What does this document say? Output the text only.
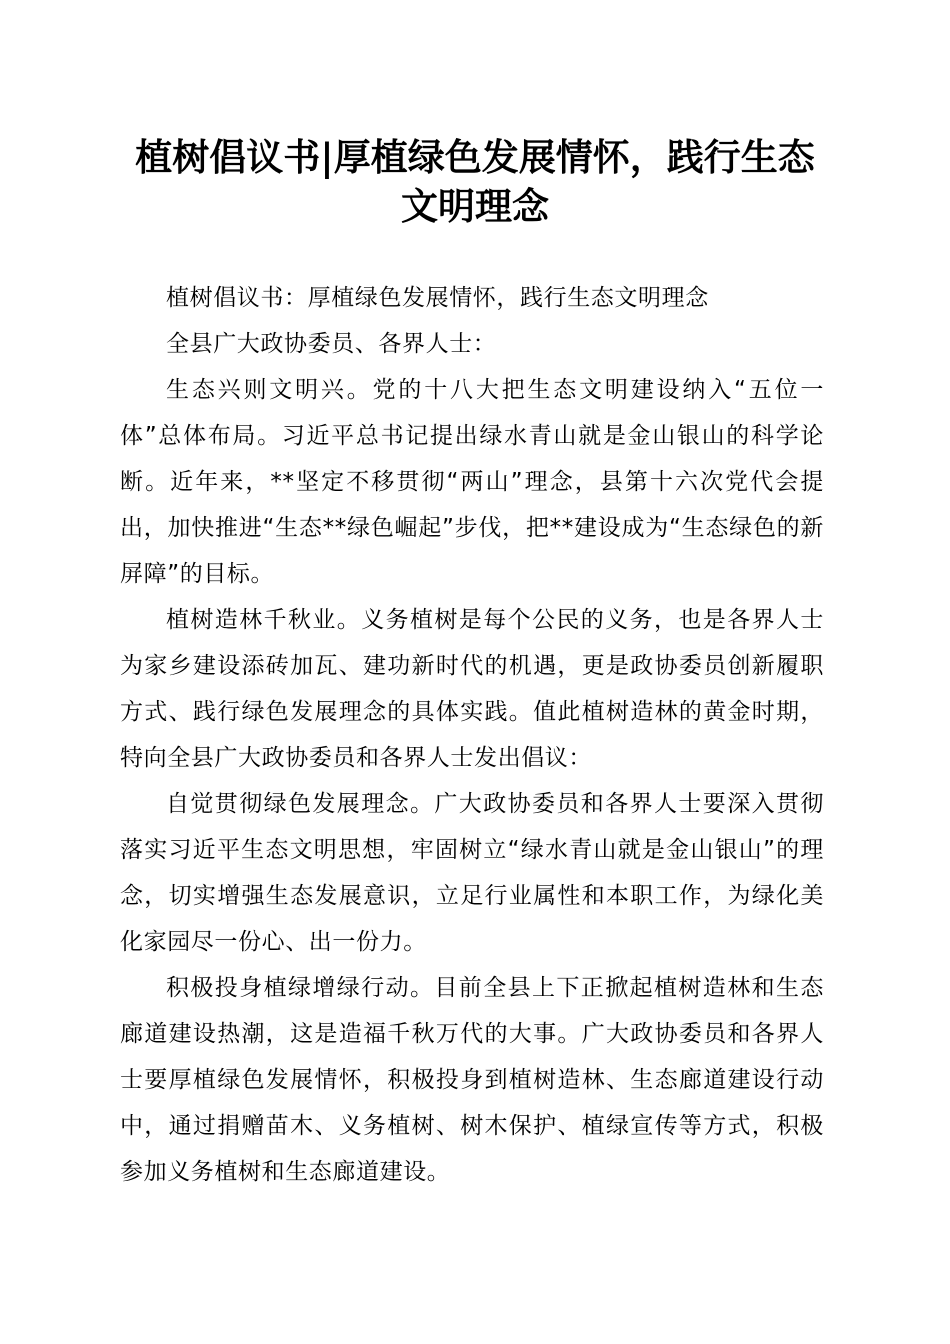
植树倡议书|厚植绿色发展情怀，践行生态文明理念

植树倡议书：厚植绿色发展情怀，践行生态文明理念

全县广大政协委员、各界人士：

生态兴则文明兴。党的十八大把生态文明建设纳入“五位一体”总体布局。习近平总书记提出绿水青山就是金山银山的科学论断。近年来，**坚定不移贯彻“两山”理念，县第十六次党代会提出，加快推进“生态**绿色崛起”步伐，把**建设成为“生态绿色的新屏障”的目标。

植树造林千秋业。义务植树是每个公民的义务，也是各界人士为家乡建设添砖加瓦、建功新时代的机遇，更是政协委员创新履职方式、践行绿色发展理念的具体实践。值此植树造林的黄金时期，特向全县广大政协委员和各界人士发出倡议：

自觉贯彻绿色发展理念。广大政协委员和各界人士要深入贯彻落实习近平生态文明思想，牢固树立“绿水青山就是金山银山”的理念，切实增强生态发展意识，立足行业属性和本职工作，为绿化美化家园尽一份心、出一份力。

积极投身植绿增绿行动。目前全县上下正掀起植树造林和生态廊道建设热潮，这是造福千秋万代的大事。广大政协委员和各界人士要厚植绿色发展情怀，积极投身到植树造林、生态廊道建设行动中，通过捐赠苗木、义务植树、树木保护、植绿宣传等方式，积极参加义务植树和生态廊道建设。
